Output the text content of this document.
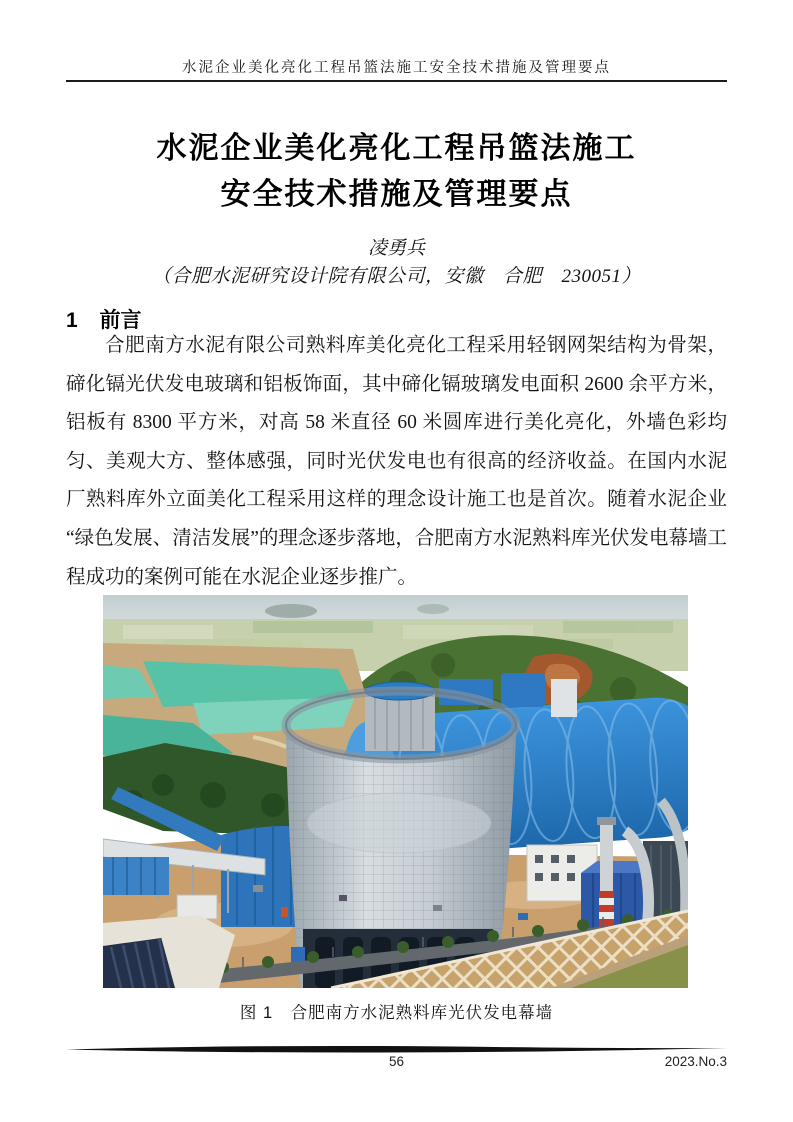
水泥企业美化亮化工程吊篮法施工安全技术措施及管理要点
水泥企业美化亮化工程吊篮法施工
安全技术措施及管理要点
凌勇兵
（合肥水泥研究设计院有限公司，安徽　合肥　230051）
1 前言

合肥南方水泥有限公司熟料库美化亮化工程采用轻钢网架结构为骨架，碲化镉光伏发电玻璃和铝板饰面，其中碲化镉玻璃发电面积 2600 余平方米，铝板有 8300 平方米，对高 58 米直径 60 米圆库进行美化亮化，外墙色彩均匀、美观大方、整体感强，同时光伏发电也有很高的经济收益。在国内水泥厂熟料库外立面美化工程采用这样的理念设计施工也是首次。随着水泥企业“绿色发展、清洁发展”的理念逐步落地，合肥南方水泥熟料库光伏发电幕墙工程成功的案例可能在水泥企业逐步推广。

图 1　合肥南方水泥熟料库光伏发电幕墙
56	2023.No.3
